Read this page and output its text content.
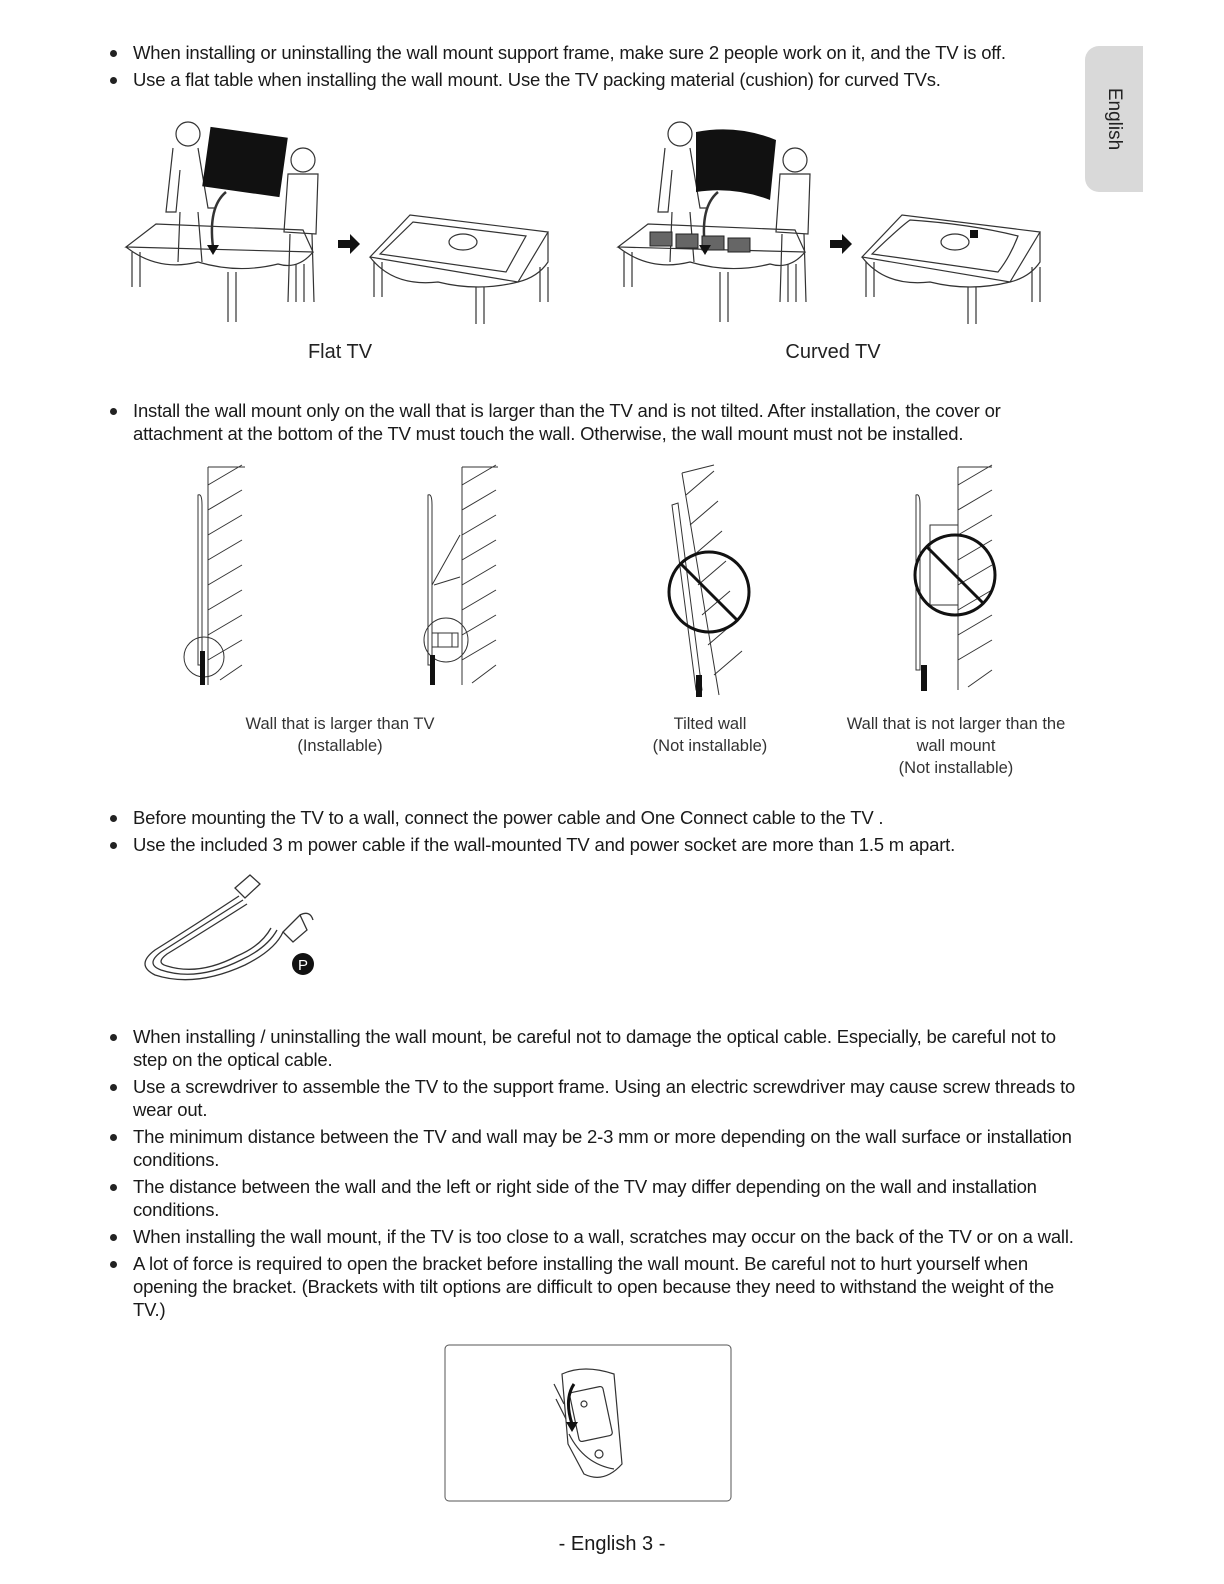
English
When installing or uninstalling the wall mount support frame, make sure 2 people work on it, and the TV is off.
Use a flat table when installing the wall mount. Use the TV packing material (cushion) for curved TVs.
Flat TV	Curved TV
Install the wall mount only on the wall that is larger than the TV and is not tilted. After installation, the cover or attachment at the bottom of the TV must touch the wall. Otherwise, the wall mount must not be installed.
Wall that is larger than TV
(Installable)
Tilted wall
(Not installable)
Wall that is not larger than the
wall mount
(Not installable)
Before mounting the TV to a wall, connect the power cable and One Connect cable to the TV .
Use the included 3 m power cable if the wall-mounted TV and power socket are more than 1.5 m apart.
P
When installing / uninstalling the wall mount, be careful not to damage the optical cable. Especially, be careful not to step on the optical cable.
Use a screwdriver to assemble the TV to the support frame. Using an electric screwdriver may cause screw threads to wear out.
The minimum distance between the TV and wall may be 2-3 mm or more depending on the wall surface or installation conditions.
The distance between the wall and the left or right side of the TV may differ depending on the wall and installation conditions.
When installing the wall mount, if the TV is too close to a wall, scratches may occur on the back of the TV or on a wall.
A lot of force is required to open the bracket before installing the wall mount. Be careful not to hurt yourself when opening the bracket. (Brackets with tilt options are difficult to open because they need to withstand the weight of the TV.)
- English 3 -
